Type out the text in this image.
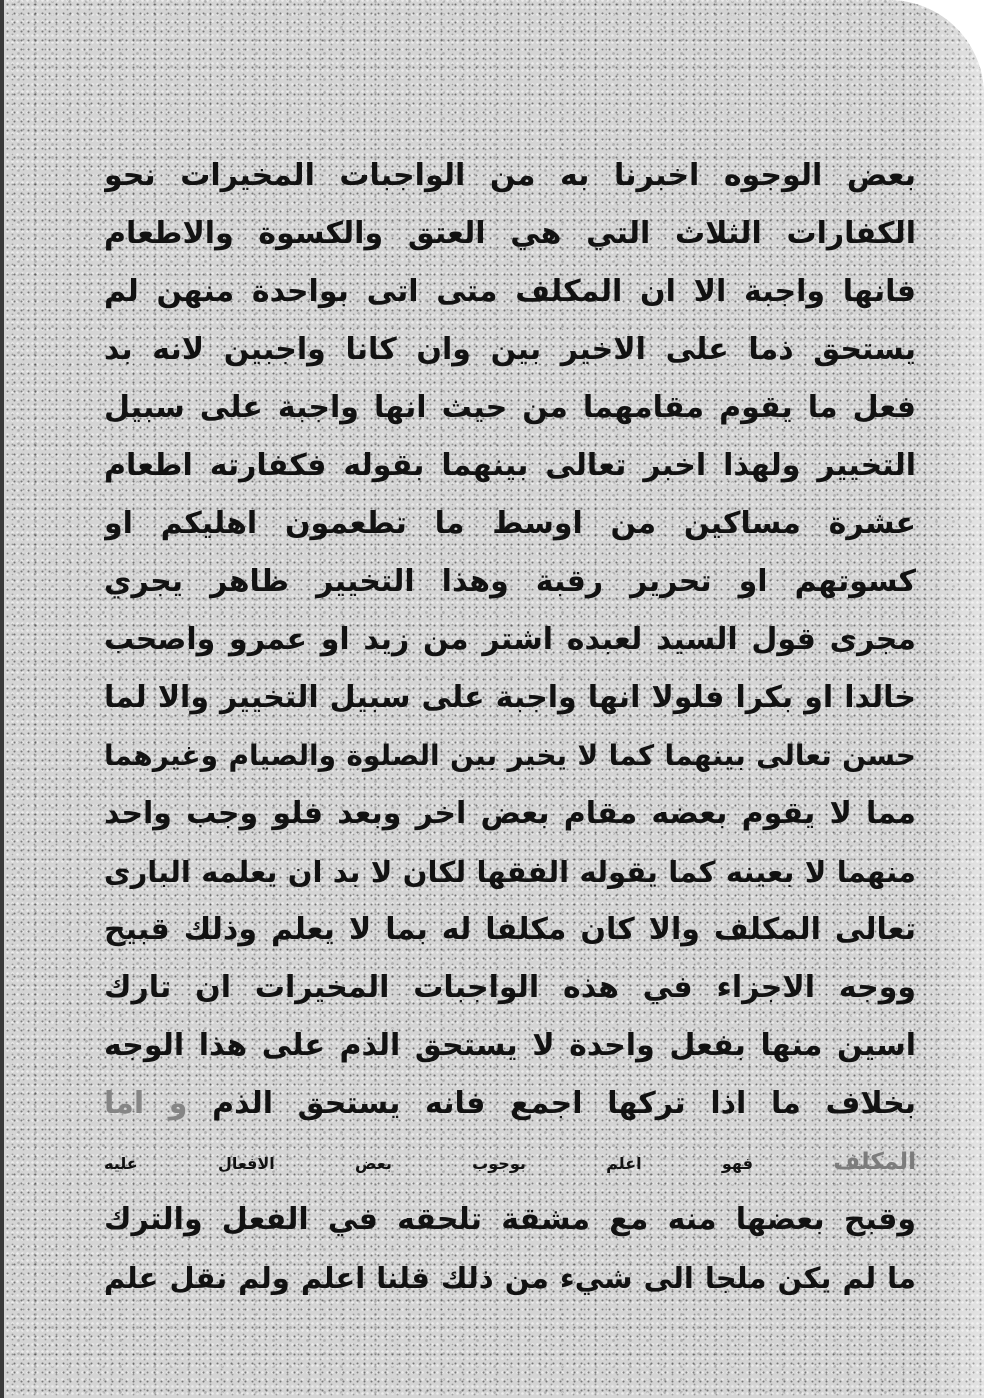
بعض الوجوه اخبرنا به من الواجبات المخيرات نحو
الكفارات الثلاث التي هي العتق والكسوة والاطعام
فانها واجبة الا ان المكلف متى اتى بواحدة منهن لم
يستحق ذما على الاخير بين وان كانا واجبين لانه بد
فعل ما يقوم مقامهما من حيث انها واجبة على سبيل
التخيير ولهذا اخبر تعالى بينهما بقوله فكفارته اطعام
عشرة مساكين من اوسط ما تطعمون اهليكم او
كسوتهم او تحرير رقبة وهذا التخيير ظاهر يجري
مجرى قول السيد لعبده اشتر من زيد او عمرو واصحب
خالدا او بكرا فلولا انها واجبة على سبيل التخيير والا لما
حسن تعالى بينهما كما لا يخير بين الصلوة والصيام وغيرهما
مما لا يقوم بعضه مقام بعض اخر وبعد فلو وجب واحد
منهما لا بعينه كما يقوله الفقها لكان لا بد ان يعلمه البارى
تعالى المكلف والا كان مكلفا له بما لا يعلم وذلك قبيح
ووجه الاجزاء في هذه الواجبات المخيرات ان تارك
اسين منها بفعل واحدة لا يستحق الذم على هذا الوجه
بخلاف ما اذا تركها اجمع فانه يستحق الذم و اما
المكلف فهو اعلم بوجوب بعض الافعال عليه
وقبح بعضها منه مع مشقة تلحقه في الفعل والترك
ما لم يكن ملجا الى شيء من ذلك قلنا اعلم ولم نقل علم
